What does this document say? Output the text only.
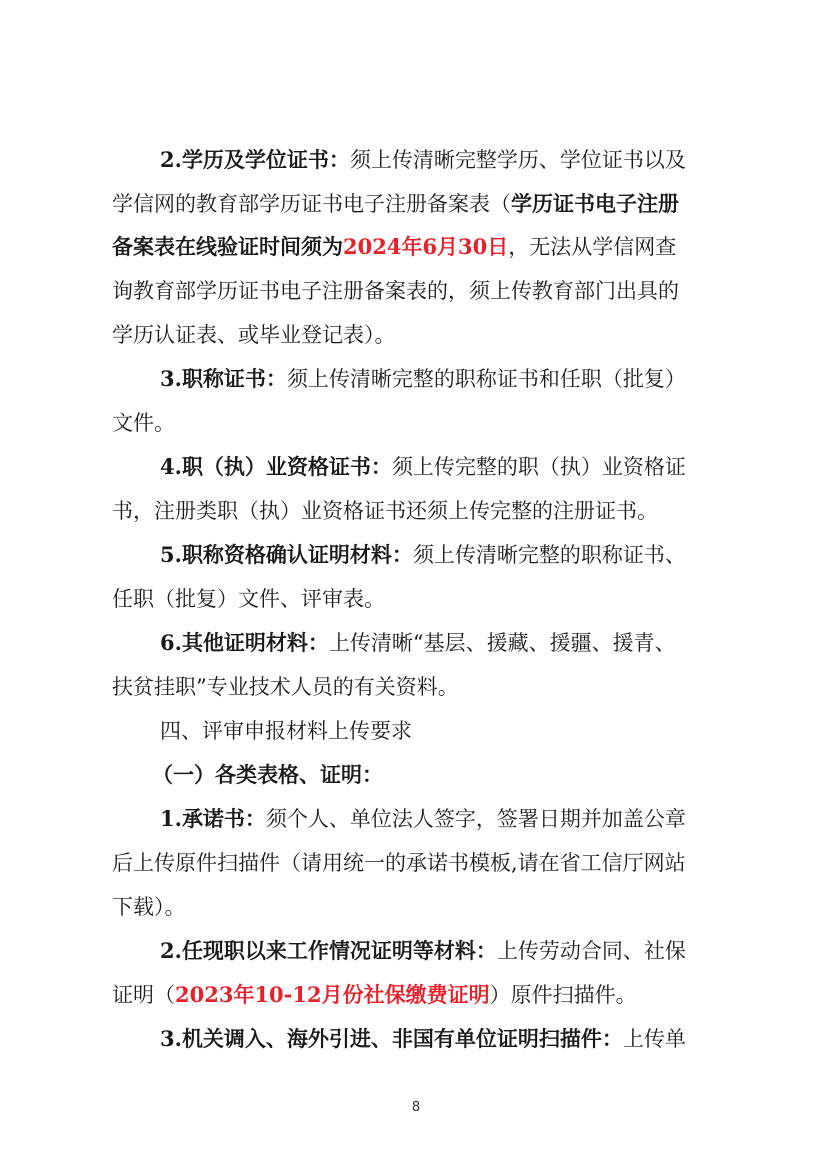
2.学历及学位证书：须上传清晰完整学历、学位证书以及
学信网的教育部学历证书电子注册备案表（学历证书电子注册
备案表在线验证时间须为2024年6月30日，无法从学信网查
询教育部学历证书电子注册备案表的，须上传教育部门出具的
学历认证表、或毕业登记表）。
3.职称证书：须上传清晰完整的职称证书和任职（批复）
文件。
4.职（执）业资格证书：须上传完整的职（执）业资格证
书，注册类职（执）业资格证书还须上传完整的注册证书。
5.职称资格确认证明材料：须上传清晰完整的职称证书、
任职（批复）文件、评审表。
6.其他证明材料：上传清晰“基层、援藏、援疆、援青、
扶贫挂职”专业技术人员的有关资料。
四、评审申报材料上传要求
（一）各类表格、证明：
1.承诺书：须个人、单位法人签字，签署日期并加盖公章
后上传原件扫描件（请用统一的承诺书模板,请在省工信厅网站
下载）。
2.任现职以来工作情况证明等材料：上传劳动合同、社保
证明（2023年10-12月份社保缴费证明）原件扫描件。
3.机关调入、海外引进、非国有单位证明扫描件：上传单
8
